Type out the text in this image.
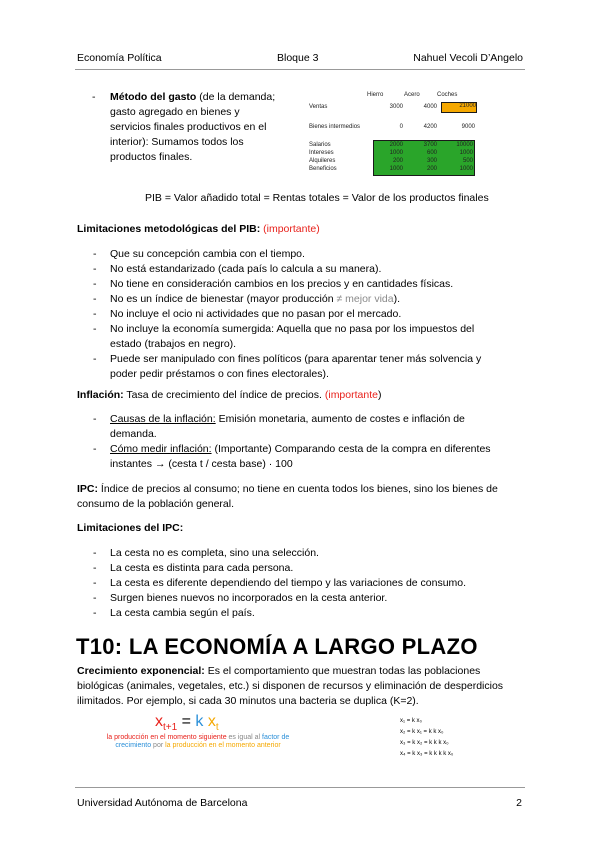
Economía Política	Bloque 3	Nahuel Vecoli D’Angelo
- Método del gasto (de la demanda;
gasto agregado en bienes y
servicios finales productivos en el
interior): Sumamos todos los
productos finales.
Hierro	Acero	Coches
Ventas	3000	4000	21000
Bienes intermedios	0	4200	9000
Salarios	2000	3700	10000
Intereses	1000	600	1000
Alquileres	200	300	500
Beneficios	1000	200	1000
PIB = Valor añadido total = Rentas totales = Valor de los productos finales
Limitaciones metodológicas del PIB: (importante)
- Que su concepción cambia con el tiempo.
- No está estandarizado (cada país lo calcula a su manera).
- No tiene en consideración cambios en los precios y en cantidades físicas.
- No es un índice de bienestar (mayor producción ≠ mejor vida).
- No incluye el ocio ni actividades que no pasan por el mercado.
- No incluye la economía sumergida: Aquella que no pasa por los impuestos del
estado (trabajos en negro).
- Puede ser manipulado con fines políticos (para aparentar tener más solvencia y
poder pedir préstamos o con fines electorales).
Inflación: Tasa de crecimiento del índice de precios. (importante)
- Causas de la inflación: Emisión monetaria, aumento de costes e inflación de
demanda.
- Cómo medir inflación: (Importante) Comparando cesta de la compra en diferentes
instantes → (cesta t / cesta base) · 100
IPC: Índice de precios al consumo; no tiene en cuenta todos los bienes, sino los bienes de
consumo de la población general.
Limitaciones del IPC:
- La cesta no es completa, sino una selección.
- La cesta es distinta para cada persona.
- La cesta es diferente dependiendo del tiempo y las variaciones de consumo.
- Surgen bienes nuevos no incorporados en la cesta anterior.
- La cesta cambia según el país.
T10: LA ECONOMÍA A LARGO PLAZO
Crecimiento exponencial: Es el comportamiento que muestran todas las poblaciones
biológicas (animales, vegetales, etc.) si disponen de recursos y eliminación de desperdicios
ilimitados. Por ejemplo, si cada 30 minutos una bacteria se duplica (K=2).
$x_{t+1} = k$ $x_t$
la producción en el momento siguiente es igual al factor de
crecimiento por la producción en el momento anterior
x₁ = k x₀
x₂ = k x₁ = k k x₀
x₃ = k x₂ = k k k x₀
x₄ = k x₃ = k k k k x₀
Universidad Autónoma de Barcelona	2
